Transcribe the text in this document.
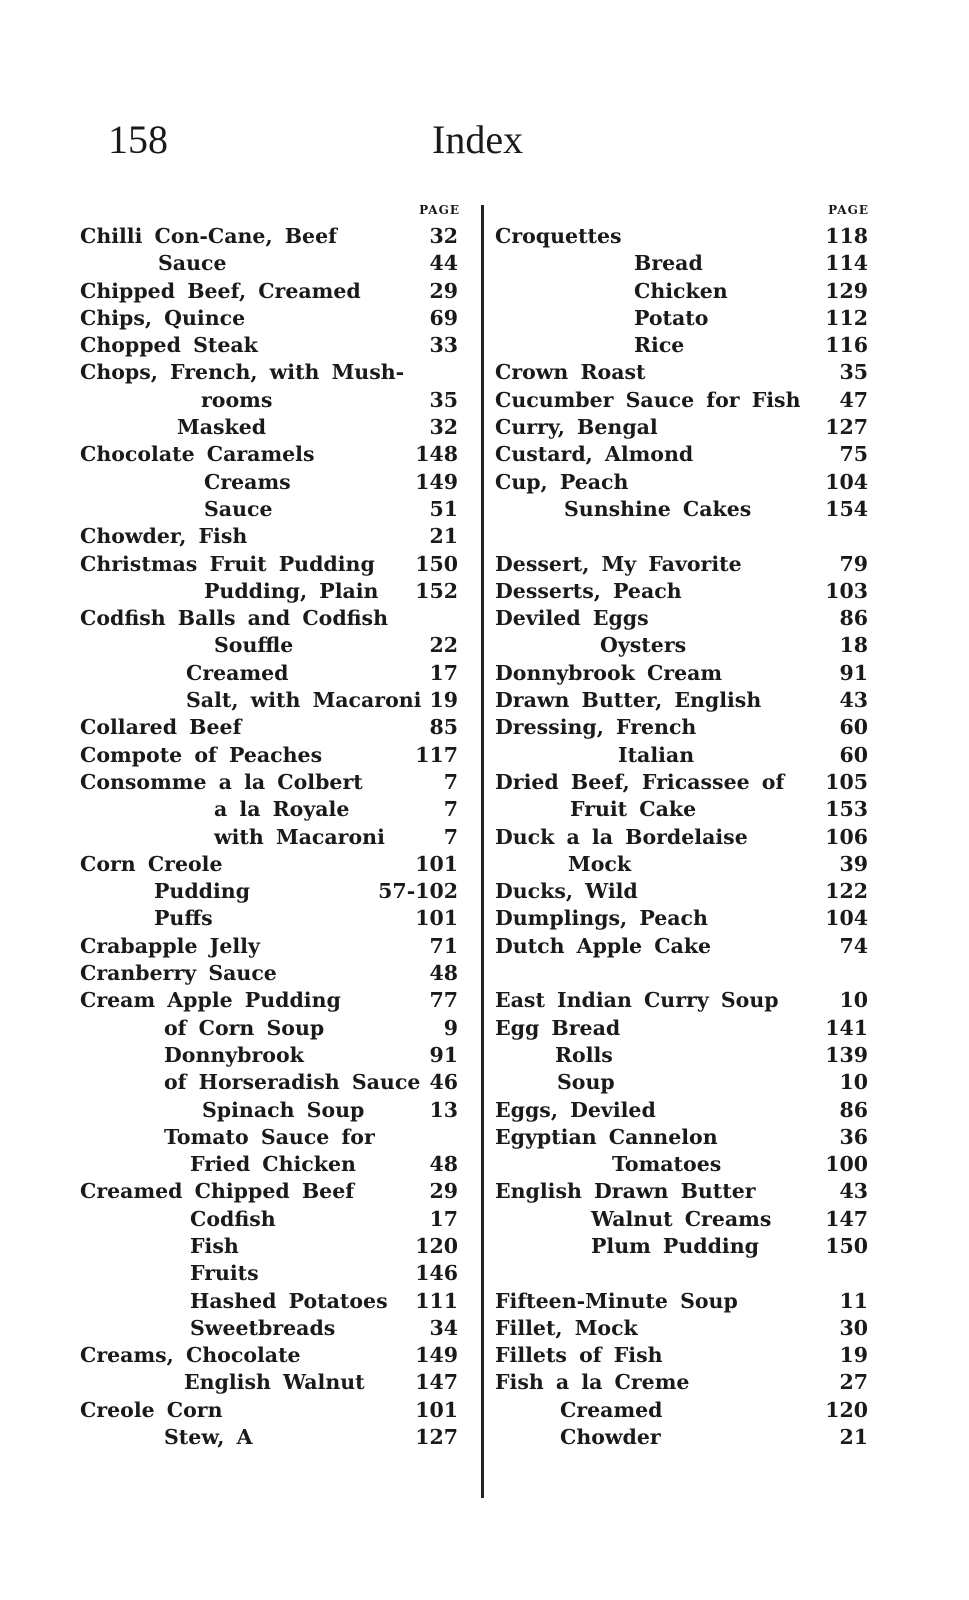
158	Index
PAGE
Chilli Con-Cane, Beef	32
Sauce	44
Chipped Beef, Creamed	29
Chips, Quince	69
Chopped Steak	33
Chops, French, with Mush-
rooms	35
Masked	32
Chocolate Caramels	148
Creams	149
Sauce	51
Chowder, Fish	21
Christmas Fruit Pudding 150
Pudding, Plain 152
Codfish Balls and Codfish
Souffle	22
Creamed	17
Salt, with Macaroni 19
Collared Beef	85
Compote of Peaches	117
Consomme a la Colbert	7
a la Royale	7
with Macaroni	7
Corn Creole	101
Pudding	57-102
Puffs	101
Crabapple Jelly	71
Cranberry Sauce	48
Cream Apple Pudding	77
of Corn Soup	9
Donnybrook	91
of Horseradish Sauce 46
Spinach Soup	13
Tomato Sauce for
Fried Chicken	48
Creamed Chipped Beef	29
Codfish	17
Fish	120
Fruits	146
Hashed Potatoes 111
Sweetbreads	34
Creams, Chocolate	149
English Walnut 147
Creole Corn	101
Stew, A	127
PAGE
Croquettes	118
Bread	114
Chicken	129
Potato	112
Rice	116
Crown Roast	35
Cucumber Sauce for Fish 47
Curry, Bengal	127
Custard, Almond	75
Cup, Peach	104
Sunshine Cakes	154
Dessert, My Favorite	79
Desserts, Peach	103
Deviled Eggs	86
Oysters	18
Donnybrook Cream	91
Drawn Butter, English	43
Dressing, French	60
Italian	60
Dried Beef, Fricassee of 105
Fruit Cake	153
Duck a la Bordelaise	106
Mock	39
Ducks, Wild	122
Dumplings, Peach	104
Dutch Apple Cake	74
East Indian Curry Soup	10
Egg Bread	141
Rolls	139
Soup	10
Eggs, Deviled	86
Egyptian Cannelon	36
Tomatoes	100
English Drawn Butter	43
Walnut Creams	147
Plum Pudding	150
Fifteen-Minute Soup	11
Fillet, Mock	30
Fillets of Fish	19
Fish a la Creme	27
Creamed	120
Chowder	21
